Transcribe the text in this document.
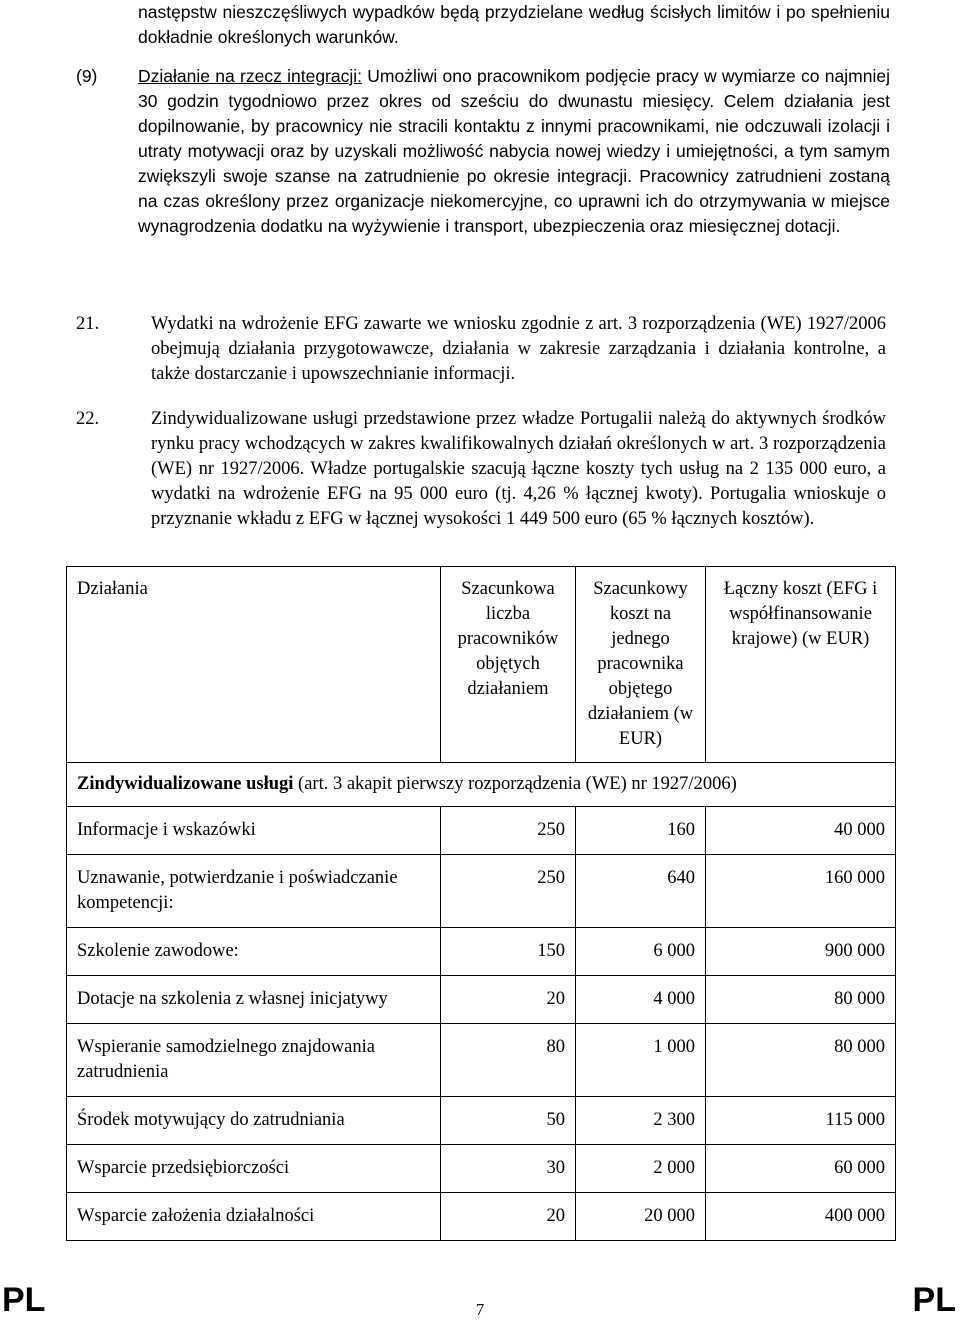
następstw nieszczęśliwych wypadków będą przydzielane według ścisłych limitów i po spełnieniu dokładnie określonych warunków.
(9) Działanie na rzecz integracji: Umożliwi ono pracownikom podjęcie pracy w wymiarze co najmniej 30 godzin tygodniowo przez okres od sześciu do dwunastu miesięcy. Celem działania jest dopilnowanie, by pracownicy nie stracili kontaktu z innymi pracownikami, nie odczuwali izolacji i utraty motywacji oraz by uzyskali możliwość nabycia nowej wiedzy i umiejętności, a tym samym zwiększyli swoje szanse na zatrudnienie po okresie integracji. Pracownicy zatrudnieni zostaną na czas określony przez organizacje niekomercyjne, co uprawni ich do otrzymywania w miejsce wynagrodzenia dodatku na wyżywienie i transport, ubezpieczenia oraz miesięcznej dotacji.
21.	Wydatki na wdrożenie EFG zawarte we wniosku zgodnie z art. 3 rozporządzenia (WE) 1927/2006 obejmują działania przygotowawcze, działania w zakresie zarządzania i działania kontrolne, a także dostarczanie i upowszechnianie informacji.
22.	Zindywidualizowane usługi przedstawione przez władze Portugalii należą do aktywnych środków rynku pracy wchodzących w zakres kwalifikowalnych działań określonych w art. 3 rozporządzenia (WE) nr 1927/2006. Władze portugalskie szacują łączne koszty tych usług na 2 135 000 euro, a wydatki na wdrożenie EFG na 95 000 euro (tj. 4,26 % łącznej kwoty). Portugalia wnioskuje o przyznanie wkładu z EFG w łącznej wysokości 1 449 500 euro (65 % łącznych kosztów).
Działania	Szacunkowa liczba pracowników objętych działaniem	Szacunkowy koszt na jednego pracownika objętego działaniem (w EUR)	Łączny koszt (EFG i współfinansowanie krajowe) (w EUR)
Zindywidualizowane usługi (art. 3 akapit pierwszy rozporządzenia (WE) nr 1927/2006)			
Informacje i wskazówki	250	160	40 000
Uznawanie, potwierdzanie i poświadczanie kompetencji:	250	640	160 000
Szkolenie zawodowe:	150	6 000	900 000
Dotacje na szkolenia z własnej inicjatywy	20	4 000	80 000
Wspieranie samodzielnego znajdowania zatrudnienia	80	1 000	80 000
Środek motywujący do zatrudniania	50	2 300	115 000
Wsparcie przedsiębiorczości	30	2 000	60 000
Wsparcie założenia działalności	20	20 000	400 000
PL	7	PL
